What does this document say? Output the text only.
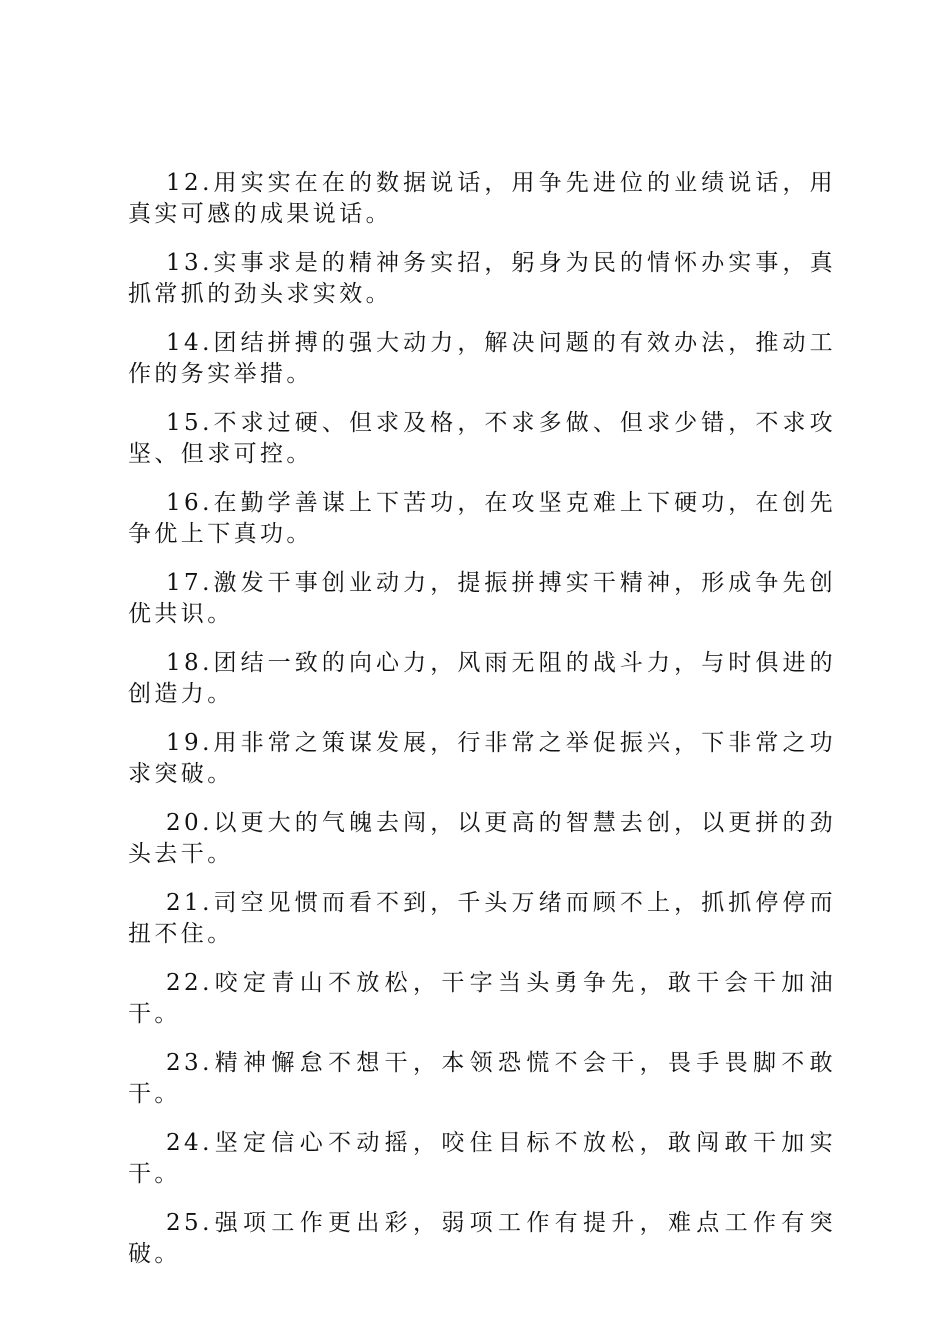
12.用实实在在的数据说话，用争先进位的业绩说话，用真实可感的成果说话。

13.实事求是的精神务实招，躬身为民的情怀办实事，真抓常抓的劲头求实效。

14.团结拼搏的强大动力，解决问题的有效办法，推动工作的务实举措。

15.不求过硬、但求及格，不求多做、但求少错，不求攻坚、但求可控。

16.在勤学善谋上下苦功，在攻坚克难上下硬功，在创先争优上下真功。

17.激发干事创业动力，提振拼搏实干精神，形成争先创优共识。

18.团结一致的向心力，风雨无阻的战斗力，与时俱进的创造力。

19.用非常之策谋发展，行非常之举促振兴，下非常之功求突破。

20.以更大的气魄去闯，以更高的智慧去创，以更拼的劲头去干。

21.司空见惯而看不到，千头万绪而顾不上，抓抓停停而扭不住。

22.咬定青山不放松，干字当头勇争先，敢干会干加油干。

23.精神懈怠不想干，本领恐慌不会干，畏手畏脚不敢干。

24.坚定信心不动摇，咬住目标不放松，敢闯敢干加实干。

25.强项工作更出彩，弱项工作有提升，难点工作有突破。
